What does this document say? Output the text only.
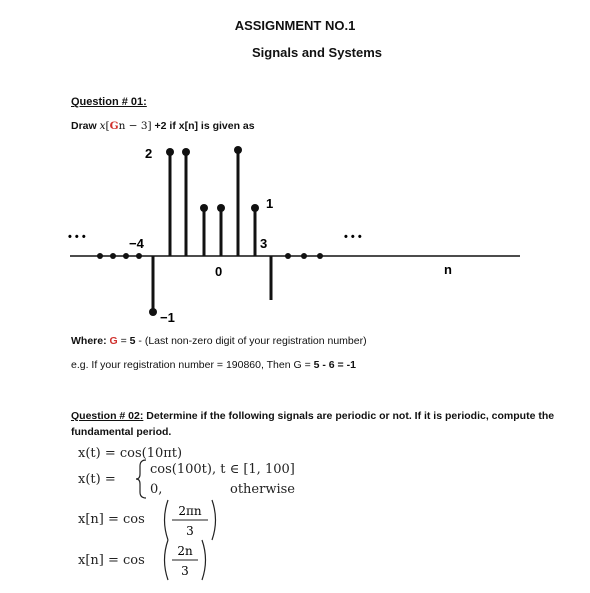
ASSIGNMENT NO.1
Signals and Systems
Question # 01:
Draw x[Gn − 3] +2 if x[n] is given as
2
1
−4
0
3
−1
n
• • •	• • •
Where: G = 5 - (Last non-zero digit of your registration number)
e.g. If your registration number = 190860, Then G = 5 - 6 = -1
Question # 02: Determine if the following signals are periodic or not. If it is periodic, compute the fundamental period.
x(t) = cos(10πt)
x(t) =
cos(100t), t ∈ [1, 100]
0,	otherwise
x[n] = cos
2πn
3
x[n] = cos
2n
3
